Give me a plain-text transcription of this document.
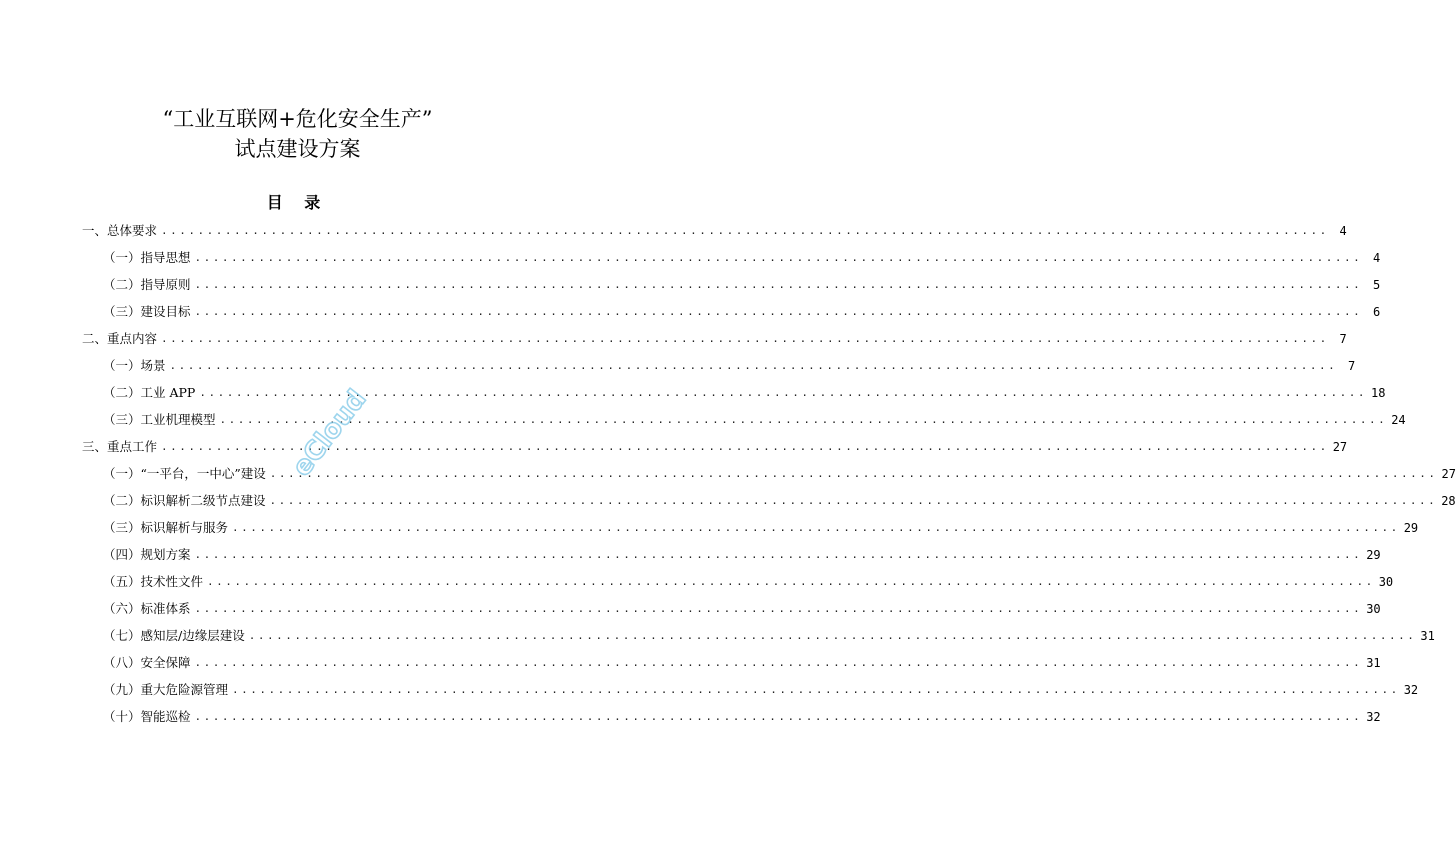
“工业互联网+危化安全生产”
试点建设方案
目 录
一、总体要求 ................................................................................................................................ 4
（一）指导思想 ................................................................................................................................ 4
（二）指导原则 ................................................................................................................................ 5
（三）建设目标 ................................................................................................................................ 6
二、重点内容 ................................................................................................................................ 7
（一）场景 ................................................................................................................................ 7
（二）工业 APP ................................................................................................................................ 18
（三）工业机理模型 ................................................................................................................................ 24
三、重点工作 ................................................................................................................................ 27
（一）“一平台，一中心”建设 ................................................................................................................................ 27
（二）标识解析二级节点建设 ................................................................................................................................ 28
（三）标识解析与服务 ................................................................................................................................ 29
（四）规划方案 ................................................................................................................................ 29
（五）技术性文件 ................................................................................................................................ 30
（六）标准体系 ................................................................................................................................ 30
（七）感知层/边缘层建设 ................................................................................................................................ 31
（八）安全保障 ................................................................................................................................ 31
（九）重大危险源管理 ................................................................................................................................ 32
（十）智能巡检 ................................................................................................................................ 32
eCloud
